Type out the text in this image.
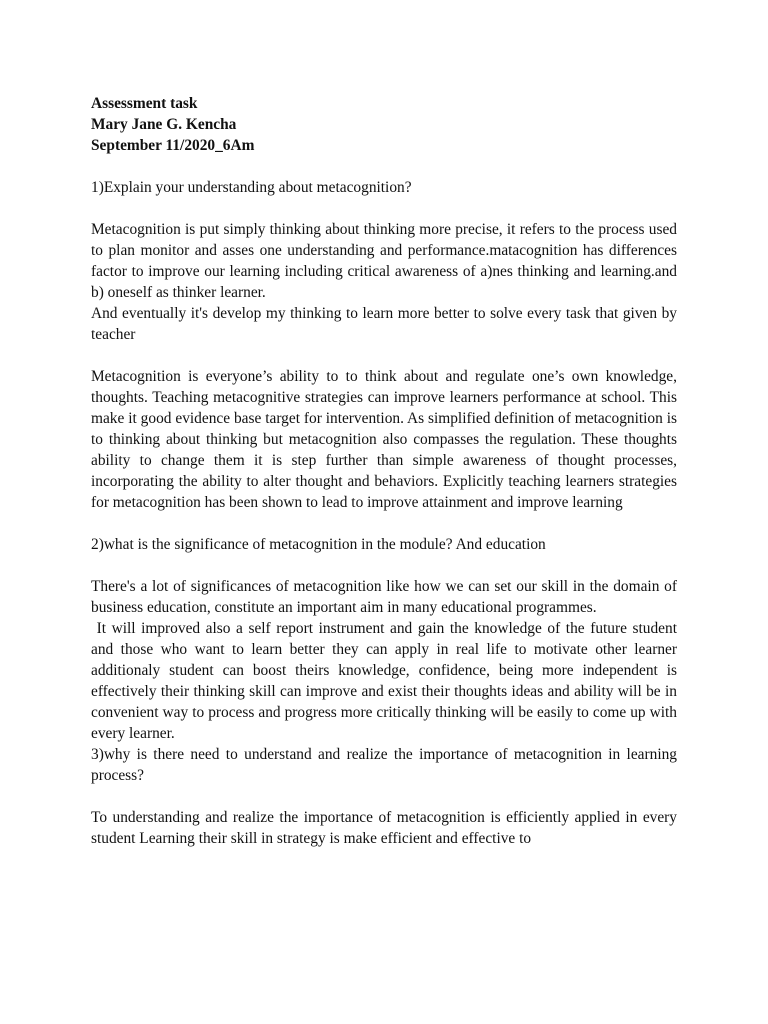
Assessment task

Mary Jane G. Kencha

September 11/2020_6Am

1)Explain your understanding about metacognition?

Metacognition is put simply thinking about thinking more precise, it refers to the process used to plan monitor and asses one understanding and performance.matacognition has differences factor to improve our learning including critical awareness of a)nes thinking and learning.and b) oneself as thinker learner.

And eventually it's develop my thinking to learn more better to solve every task that given by teacher

Metacognition is everyone’s ability to to think about and regulate one’s own knowledge, thoughts. Teaching metacognitive strategies can improve learners performance at school. This make it good evidence base target for intervention. As simplified definition of metacognition is to thinking about thinking but metacognition also compasses the regulation. These thoughts ability to change them it is step further than simple awareness of thought processes, incorporating the ability to alter thought and behaviors. Explicitly teaching learners strategies for metacognition has been shown to lead to improve attainment and improve learning

2)what is the significance of metacognition in the module? And education

There's a lot of significances of metacognition like how we can set our skill in the domain of business education, constitute an important aim in many educational programmes.

It will improved also a self report instrument and gain the knowledge of the future student  and those who want to learn better they can apply in real life to motivate other learner additionaly student can boost theirs knowledge, confidence, being more independent is effectively their thinking skill can improve and exist their thoughts ideas and ability will be in convenient way to process and progress more critically thinking will be easily to come up with every learner.

3)why is there need to understand and realize the importance of metacognition in learning process?

To understanding and realize the importance of metacognition is efficiently applied in every student Learning their skill in strategy is make efficient and effective to
